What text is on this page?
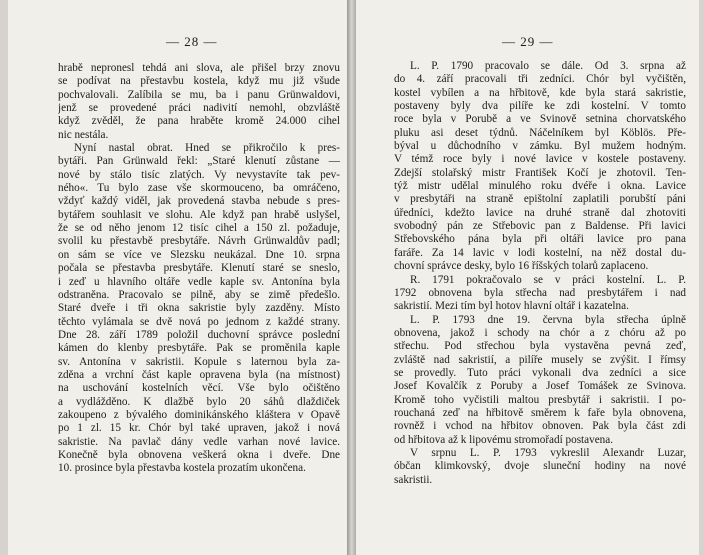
— 28 —
hrabě nepronesl tehdá ani slova, ale přišel brzy znovu
se podívat na přestavbu kostela, když mu již všude
pochvalovali. Zalíbila se mu, ba i panu Grünwaldovi,
jenž se provedené práci nadivití nemohl, obzvláště
když zvěděl, že pana hraběte kromě 24.000 cihel
nic nestála.
Nyní nastal obrat. Hned se přikročilo k pres-
bytáři. Pan Grünwald řekl: „Staré klenutí zůstane —
nové by stálo tisíc zlatých. Vy nevystavíte tak pev-
ného«. Tu bylo zase vše skormouceno, ba omráčeno,
vždyť každý viděl, jak provedená stavba nebude s pres-
bytářem souhlasit ve slohu. Ale když pan hrabě uslyšel,
že se od něho jenom 12 tisíc cihel a 150 zl. požaduje,
svolil ku přestavbě presbytáře. Návrh Grünwaldův padl;
on sám se více ve Slezsku neukázal. Dne 10. srpna
počala se přestavba presbytáře. Klenutí staré se sneslo,
i zeď u hlavního oltáře vedle kaple sv. Antonína byla
odstraněna. Pracovalo se pilně, aby se zimě předešlo.
Staré dveře i tři okna sakristie byly zazděny. Místo
těchto vylámala se dvě nová po jednom z každé strany.
Dne 28. září 1789 položil duchovní správce poslední
kámen do klenby presbytáře. Pak se proměnila kaple
sv. Antonína v sakristii. Kopule s laternou byla za-
zděna a vrchní část kaple opravena byla (na místnost)
na uschování kostelních věcí. Vše bylo očištěno
a vydlážděno. K dlažbě bylo 20 sáhů dlaždiček
zakoupeno z bývalého dominikánského kláštera v Opavě
po 1 zl. 15 kr. Chór byl také upraven, jakož i nová
sakristie. Na pavlač dány vedle varhan nové lavice.
Konečně byla obnovena veškerá okna i dveře. Dne
10. prosince byla přestavba kostela prozatím ukončena.
— 29 —
L. P. 1790 pracovalo se dále. Od 3. srpna až
do 4. září pracovali tři zedníci. Chór byl vyčištěn,
kostel vybílen a na hřbitově, kde byla stará sakristie,
postaveny byly dva pilíře ke zdi kostelní. V tomto
roce byla v Porubě a ve Svinově setnina chorvatského
pluku asi deset týdnů. Náčelníkem byl Köblös. Pře-
býval u důchodního v zámku. Byl mužem hodným.
V témž roce byly i nové lavice v kostele postaveny.
Zdejší stolařský mistr František Kočí je zhotovil. Ten-
týž mistr udělal minulého roku dvéře i okna. Lavice
v presbytáři na straně epištolní zaplatili porubští páni
úředníci, kdežto lavice na druhé straně dal zhotoviti
svobodný pán ze Střebovic pan z Baldense. Při lavici
Střebovského pána byla při oltáři lavice pro pana
faráře. Za 14 lavic v lodi kostelní, na něž dostal du-
chovní správce desky, bylo 16 říšských tolarů zaplaceno.
R. 1791 pokračovalo se v práci kostelní. L. P.
1792 obnovena byla střecha nad presbytářem i nad
sakristií. Mezi tím byl hotov hlavní oltář i kazatelna.
L. P. 1793 dne 19. června byla střecha úplně
obnovena, jakož i schody na chór a z chóru až po
střechu. Pod střechou byla vystavěna pevná zeď,
zvláště nad sakristií, a pilíře musely se zvýšit. I římsy
se provedly. Tuto práci vykonali dva zedníci a sice
Josef Kovalčík z Poruby a Josef Tomášek ze Svinova.
Kromě toho vyčistili maltou presbytář i sakristii. I po-
rouchaná zeď na hřbitově směrem k faře byla obnovena,
rovněž i vchod na hřbitov obnoven. Pak byla část zdi
od hřbitova až k lipovému stromořadí postavena.
V srpnu L. P. 1793 vykreslil Alexandr Luzar,
óbčan klimkovský, dvoje sluneční hodiny na nové
sakristii.
